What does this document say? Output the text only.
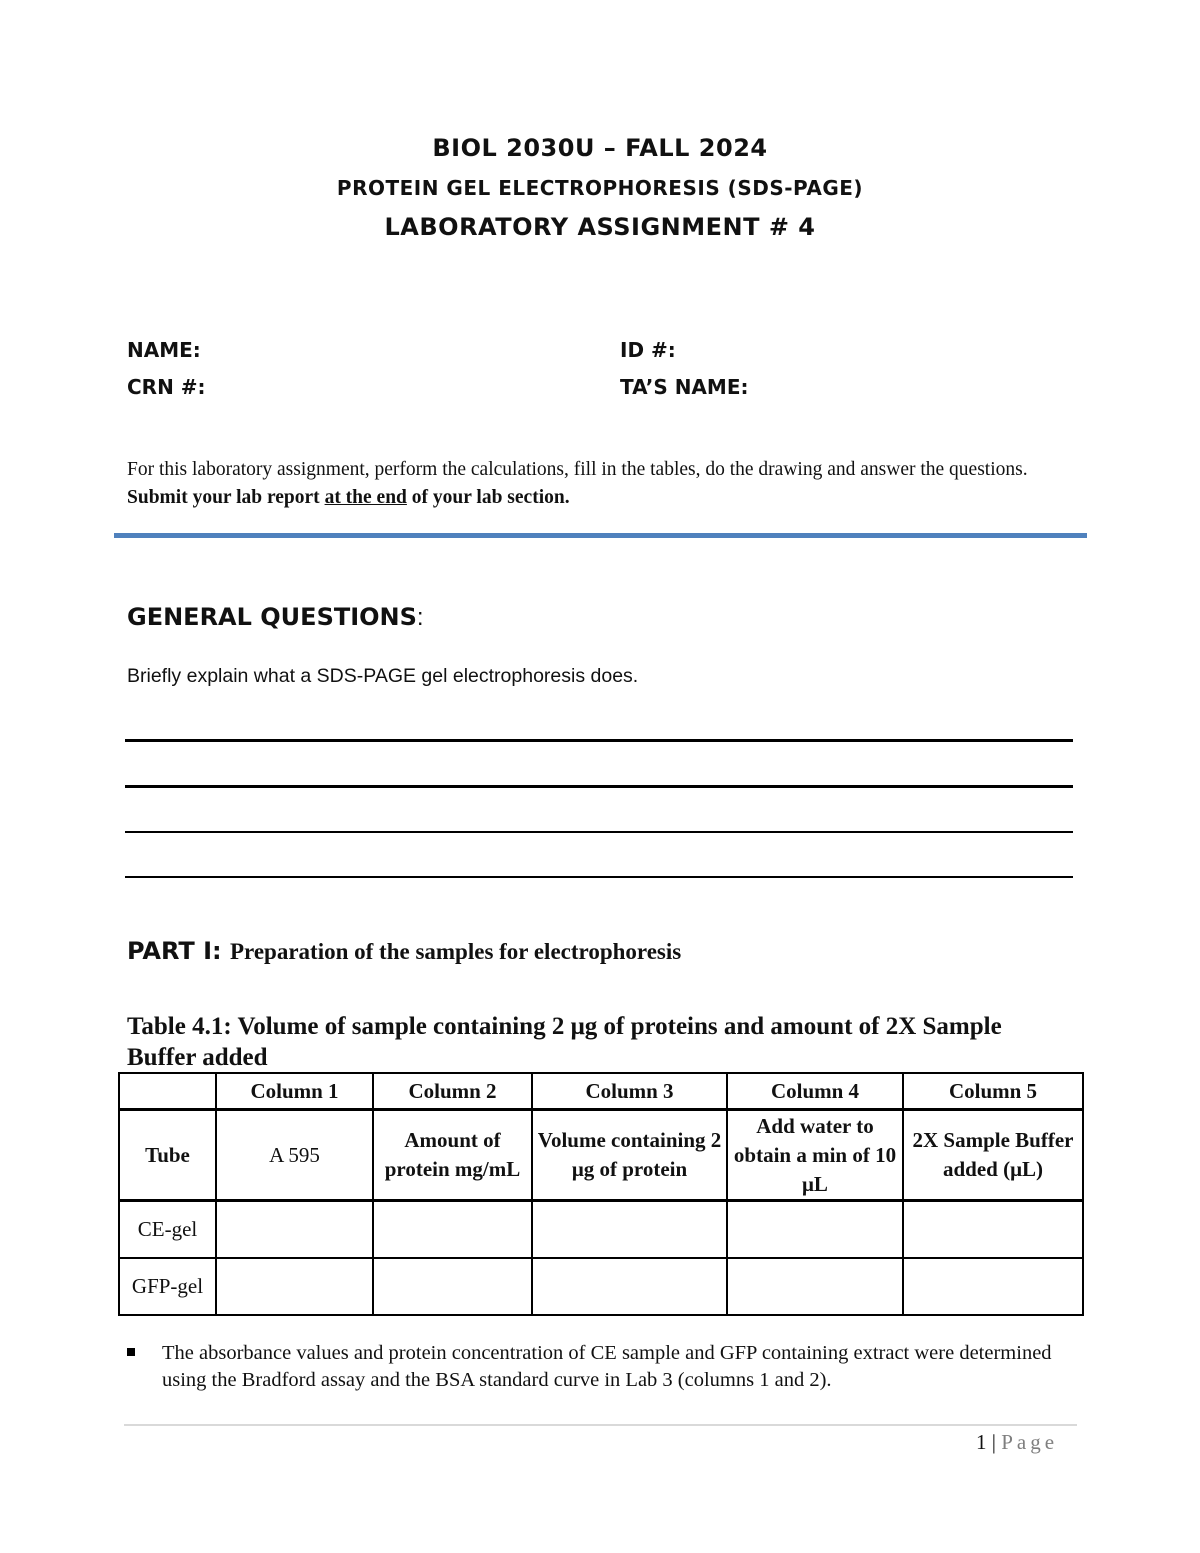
BIOL 2030U – FALL 2024
PROTEIN GEL ELECTROPHORESIS (SDS-PAGE)
LABORATORY ASSIGNMENT # 4
NAME:	ID #:
CRN #:	TA’S NAME:
For this laboratory assignment, perform the calculations, fill in the tables, do the drawing and answer the questions. Submit your lab report at the end of your lab section.
GENERAL QUESTIONS:
Briefly explain what a SDS-PAGE gel electrophoresis does.
PART I: Preparation of the samples for electrophoresis
Table 4.1: Volume of sample containing 2 μg of proteins and amount of 2X Sample Buffer added
	Column 1	Column 2	Column 3	Column 4	Column 5
Tube	A 595	Amount of protein mg/mL	Volume containing 2 μg of protein	Add water to obtain a min of 10 μL	2X Sample Buffer added (μL)
CE-gel					
GFP-gel					
The absorbance values and protein concentration of CE sample and GFP containing extract were determined using the Bradford assay and the BSA standard curve in Lab 3 (columns 1 and 2).
1 | Page
